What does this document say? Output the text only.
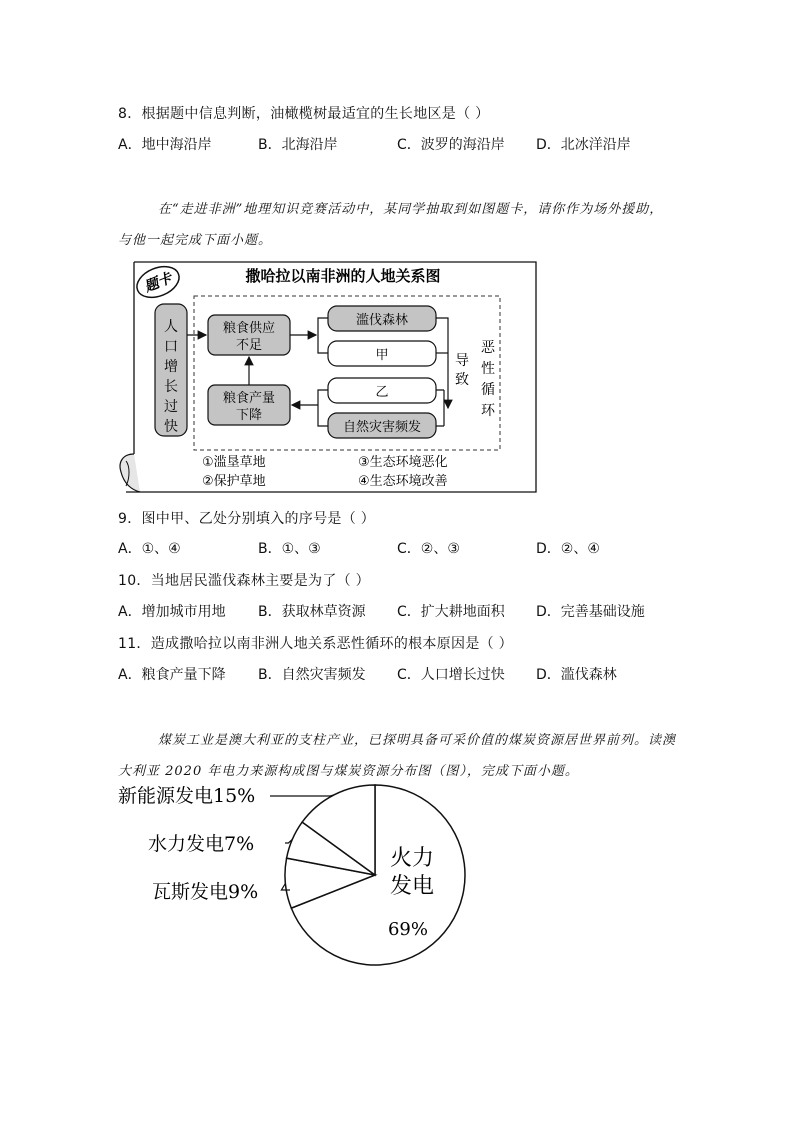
8．根据题中信息判断，油橄榄树最适宜的生长地区是（ ）
A．地中海沿岸	B．北海沿岸	C．波罗的海沿岸 D．北冰洋沿岸
在“走进非洲”地理知识竞赛活动中，某同学抽取到如图题卡，请你作为场外援助，
与他一起完成下面小题。
题卡	撒哈拉以南非洲的人地关系图
人
口
增
长
过
快
粮食供应
不足
粮食产量
下降
滥伐森林
甲
乙
自然灾害频发
导
致
恶
性
循
环
①滥垦草地
②保护草地
③生态环境恶化
④生态环境改善
9．图中甲、乙处分别填入的序号是（ ）
A．①、④	B．①、③	C．②、③	D．②、④
10．当地居民滥伐森林主要是为了（ ）
A．增加城市用地 B．获取林草资源 C．扩大耕地面积 D．完善基础设施
11．造成撒哈拉以南非洲人地关系恶性循环的根本原因是（ ）
A．粮食产量下降 B．自然灾害频发 C．人口增长过快 D．滥伐森林
煤炭工业是澳大利亚的支柱产业，已探明具备可采价值的煤炭资源居世界前列。读澳
大利亚 2020 年电力来源构成图与煤炭资源分布图（图），完成下面小题。
火力
发电
69%
新能源发电15%
水力发电7%
瓦斯发电9%
